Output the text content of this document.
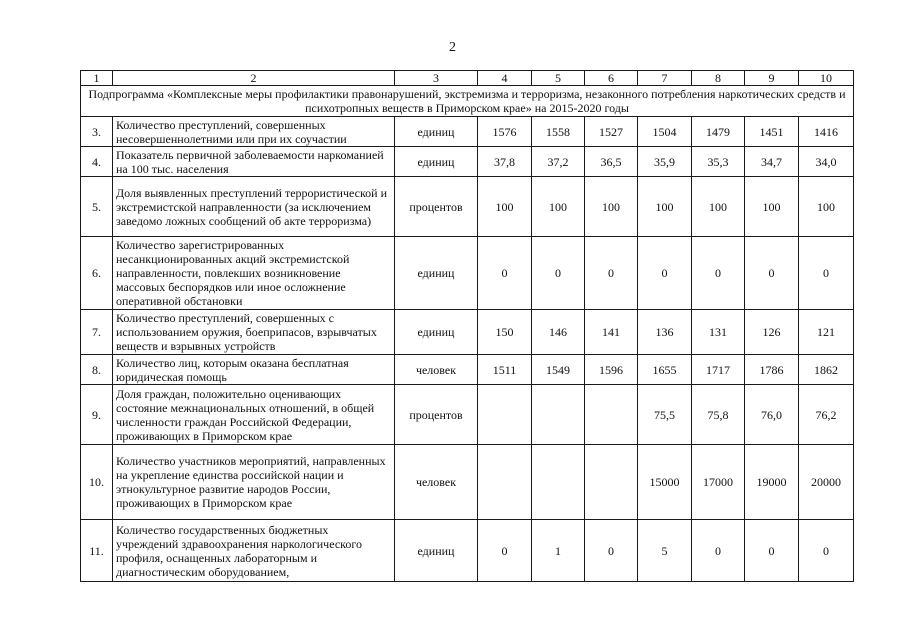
2
1	2	3	4	5	6	7	8	9	10
Подпрограмма «Комплексные меры профилактики правонарушений, экстремизма и терроризма, незаконного потребления наркотических средств и психотропных веществ в Приморском крае» на 2015-2020 годы									
3.	Количество преступлений, совершенных несовершеннолетними или при их соучастии	единиц	1576	1558	1527	1504	1479	1451	1416
4.	Показатель первичной заболеваемости наркоманией на 100 тыс. населения	единиц	37,8	37,2	36,5	35,9	35,3	34,7	34,0
5.	Доля выявленных преступлений террористической и экстремистской направленности (за исключением заведомо ложных сообщений об акте терроризма)	процентов	100	100	100	100	100	100	100
6.	Количество зарегистрированных несанкционированных акций экстремистской направленности, повлекших возникновение массовых беспорядков или иное осложнение оперативной обстановки	единиц	0	0	0	0	0	0	0
7.	Количество преступлений, совершенных с использованием оружия, боеприпасов, взрывчатых веществ и взрывных устройств	единиц	150	146	141	136	131	126	121
8.	Количество лиц, которым оказана бесплатная юридическая помощь	человек	1511	1549	1596	1655	1717	1786	1862
9.	Доля граждан, положительно оценивающих состояние межнациональных отношений, в общей численности граждан Российской Федерации, проживающих в Приморском крае	процентов				75,5	75,8	76,0	76,2
10.	Количество участников мероприятий, направленных на укрепление единства российской нации и этнокультурное развитие народов России, проживающих в Приморском крае	человек				15000	17000	19000	20000
11.	Количество государственных бюджетных учреждений здравоохранения наркологического профиля, оснащенных лабораторным и диагностическим оборудованием,	единиц	0	1	0	5	0	0	0
